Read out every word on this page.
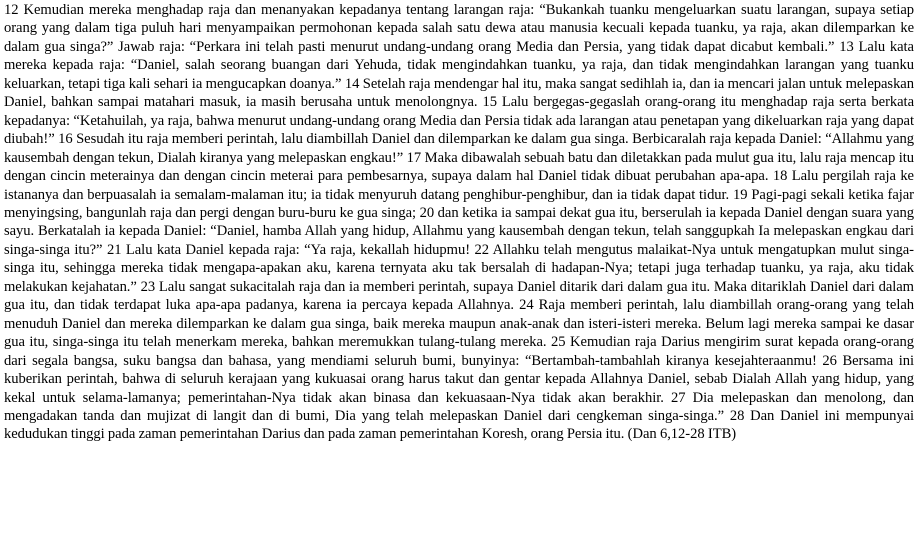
12 Kemudian mereka menghadap raja dan menanyakan kepadanya tentang larangan raja: “Bukankah tuanku mengeluarkan suatu larangan, supaya setiap orang yang dalam tiga puluh hari menyampaikan permohonan kepada salah satu dewa atau manusia kecuali kepada tuanku, ya raja, akan dilemparkan ke dalam gua singa?” Jawab raja: “Perkara ini telah pasti menurut undang-undang orang Media dan Persia, yang tidak dapat dicabut kembali.” 13 Lalu kata mereka kepada raja: “Daniel, salah seorang buangan dari Yehuda, tidak mengindahkan tuanku, ya raja, dan tidak mengindahkan larangan yang tuanku keluarkan, tetapi tiga kali sehari ia mengucapkan doanya.” 14 Setelah raja mendengar hal itu, maka sangat sedihlah ia, dan ia mencari jalan untuk melepaskan Daniel, bahkan sampai matahari masuk, ia masih berusaha untuk menolongnya. 15 Lalu bergegas-gegaslah orang-orang itu menghadap raja serta berkata kepadanya: “Ketahuilah, ya raja, bahwa menurut undang-undang orang Media dan Persia tidak ada larangan atau penetapan yang dikeluarkan raja yang dapat diubah!” 16 Sesudah itu raja memberi perintah, lalu diambillah Daniel dan dilemparkan ke dalam gua singa. Berbicaralah raja kepada Daniel: “Allahmu yang kausembah dengan tekun, Dialah kiranya yang melepaskan engkau!” 17 Maka dibawalah sebuah batu dan diletakkan pada mulut gua itu, lalu raja mencap itu dengan cincin meterainya dan dengan cincin meterai para pembesarnya, supaya dalam hal Daniel tidak dibuat perubahan apa-apa. 18 Lalu pergilah raja ke istananya dan berpuasalah ia semalam-malaman itu; ia tidak menyuruh datang penghibur-penghibur, dan ia tidak dapat tidur. 19 Pagi-pagi sekali ketika fajar menyingsing, bangunlah raja dan pergi dengan buru-buru ke gua singa; 20 dan ketika ia sampai dekat gua itu, berserulah ia kepada Daniel dengan suara yang sayu. Berkatalah ia kepada Daniel: “Daniel, hamba Allah yang hidup, Allahmu yang kausembah dengan tekun, telah sanggupkah Ia melepaskan engkau dari singa-singa itu?” 21 Lalu kata Daniel kepada raja: “Ya raja, kekallah hidupmu! 22 Allahku telah mengutus malaikat-Nya untuk mengatupkan mulut singa-singa itu, sehingga mereka tidak mengapa-apakan aku, karena ternyata aku tak bersalah di hadapan-Nya; tetapi juga terhadap tuanku, ya raja, aku tidak melakukan kejahatan.” 23 Lalu sangat sukacitalah raja dan ia memberi perintah, supaya Daniel ditarik dari dalam gua itu. Maka ditariklah Daniel dari dalam gua itu, dan tidak terdapat luka apa-apa padanya, karena ia percaya kepada Allahnya. 24 Raja memberi perintah, lalu diambillah orang-orang yang telah menuduh Daniel dan mereka dilemparkan ke dalam gua singa, baik mereka maupun anak-anak dan isteri-isteri mereka. Belum lagi mereka sampai ke dasar gua itu, singa-singa itu telah menerkam mereka, bahkan meremukkan tulang-tulang mereka. 25 Kemudian raja Darius mengirim surat kepada orang-orang dari segala bangsa, suku bangsa dan bahasa, yang mendiami seluruh bumi, bunyinya: “Bertambah-tambahlah kiranya kesejahteraanmu! 26 Bersama ini kuberikan perintah, bahwa di seluruh kerajaan yang kukuasai orang harus takut dan gentar kepada Allahnya Daniel, sebab Dialah Allah yang hidup, yang kekal untuk selama-lamanya; pemerintahan-Nya tidak akan binasa dan kekuasaan-Nya tidak akan berakhir. 27 Dia melepaskan dan menolong, dan mengadakan tanda dan mujizat di langit dan di bumi, Dia yang telah melepaskan Daniel dari cengkeman singa-singa.” 28 Dan Daniel ini mempunyai kedudukan tinggi pada zaman pemerintahan Darius dan pada zaman pemerintahan Koresh, orang Persia itu. (Dan 6,12-28 ITB)
